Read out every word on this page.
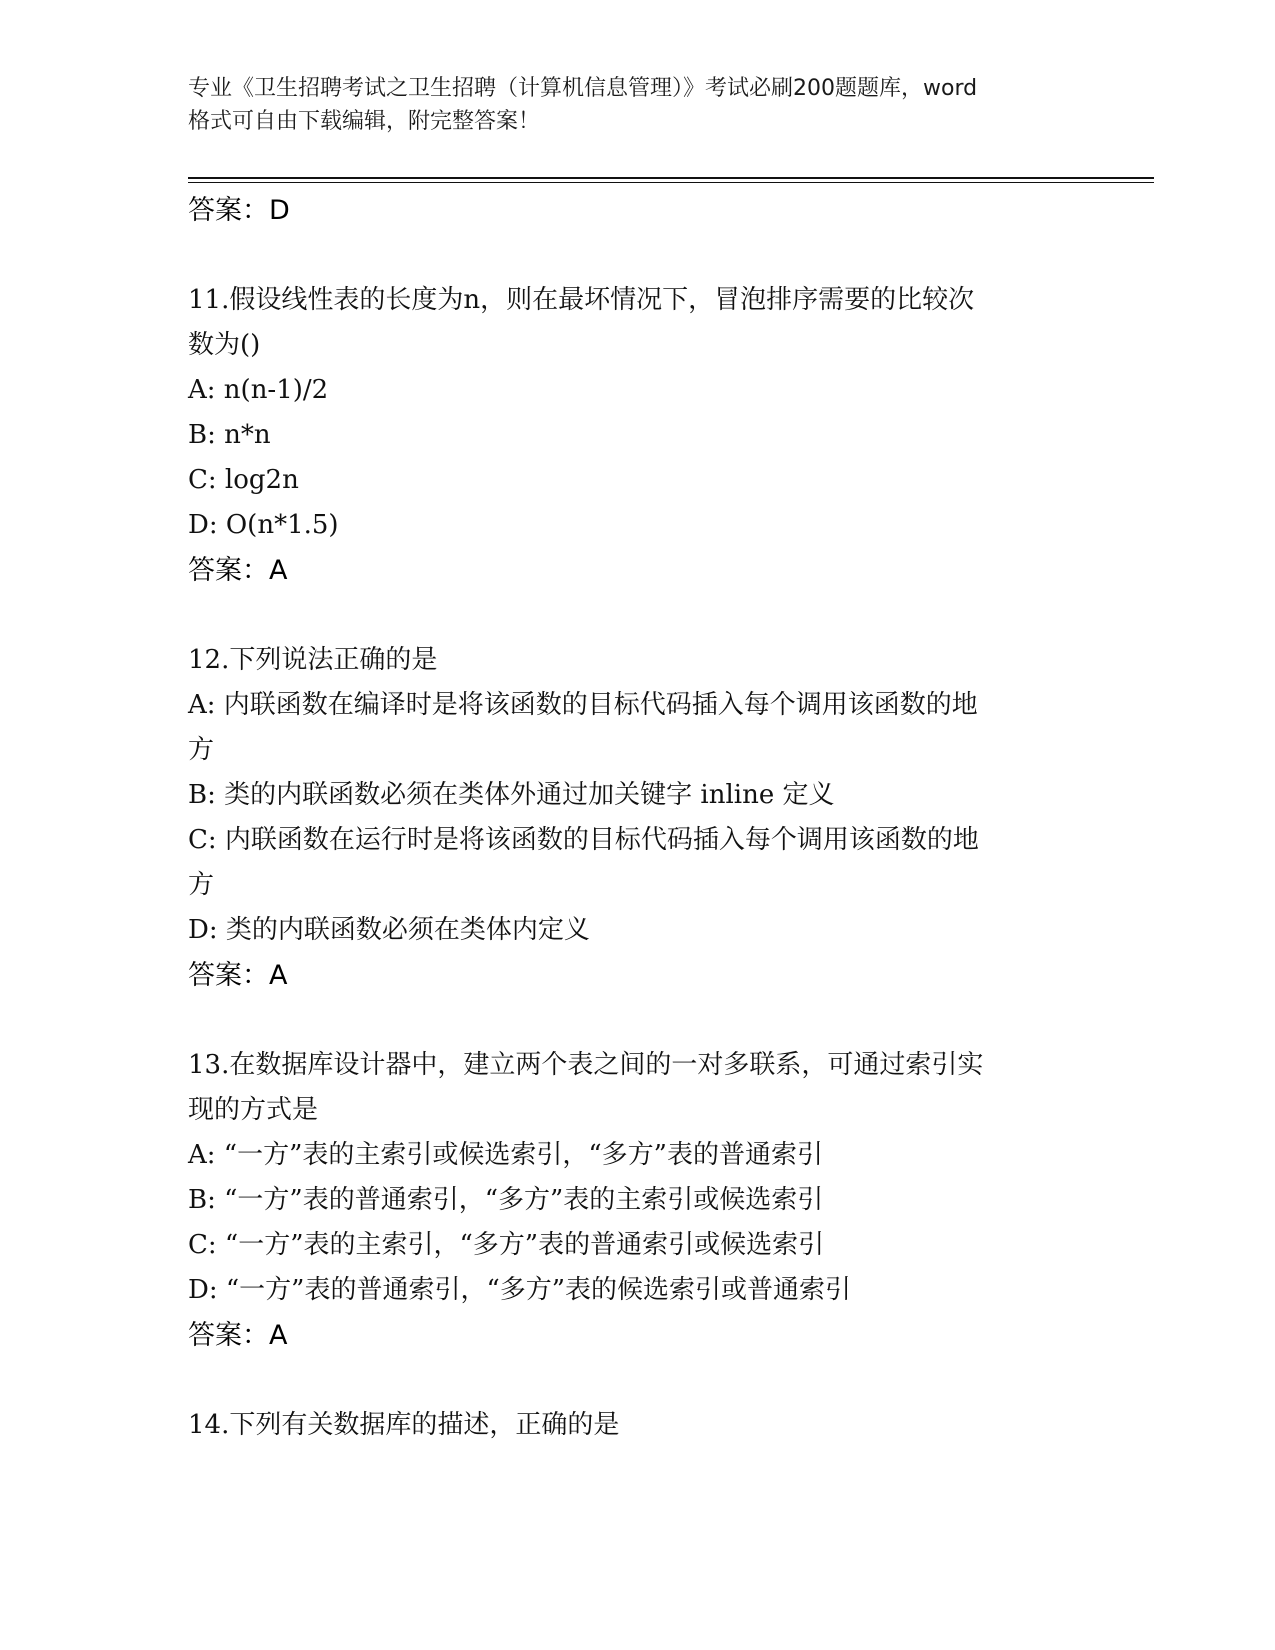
专业《卫生招聘考试之卫生招聘（计算机信息管理）》考试必刷200题题库，word
格式可自由下载编辑，附完整答案！
答案：D
11.假设线性表的长度为n，则在最坏情况下，冒泡排序需要的比较次
数为()
A: n(n-1)/2
B: n*n
C: log2n
D: O(n*1.5)
答案：A
12.下列说法正确的是
A: 内联函数在编译时是将该函数的目标代码插入每个调用该函数的地
方
B: 类的内联函数必须在类体外通过加关键字 inline 定义
C: 内联函数在运行时是将该函数的目标代码插入每个调用该函数的地
方
D: 类的内联函数必须在类体内定义
答案：A
13.在数据库设计器中，建立两个表之间的一对多联系，可通过索引实
现的方式是
A: “一方”表的主索引或候选索引，“多方”表的普通索引
B: “一方”表的普通索引，“多方”表的主索引或候选索引
C: “一方”表的主索引，“多方”表的普通索引或候选索引
D: “一方”表的普通索引，“多方”表的候选索引或普通索引
答案：A
14.下列有关数据库的描述，正确的是
